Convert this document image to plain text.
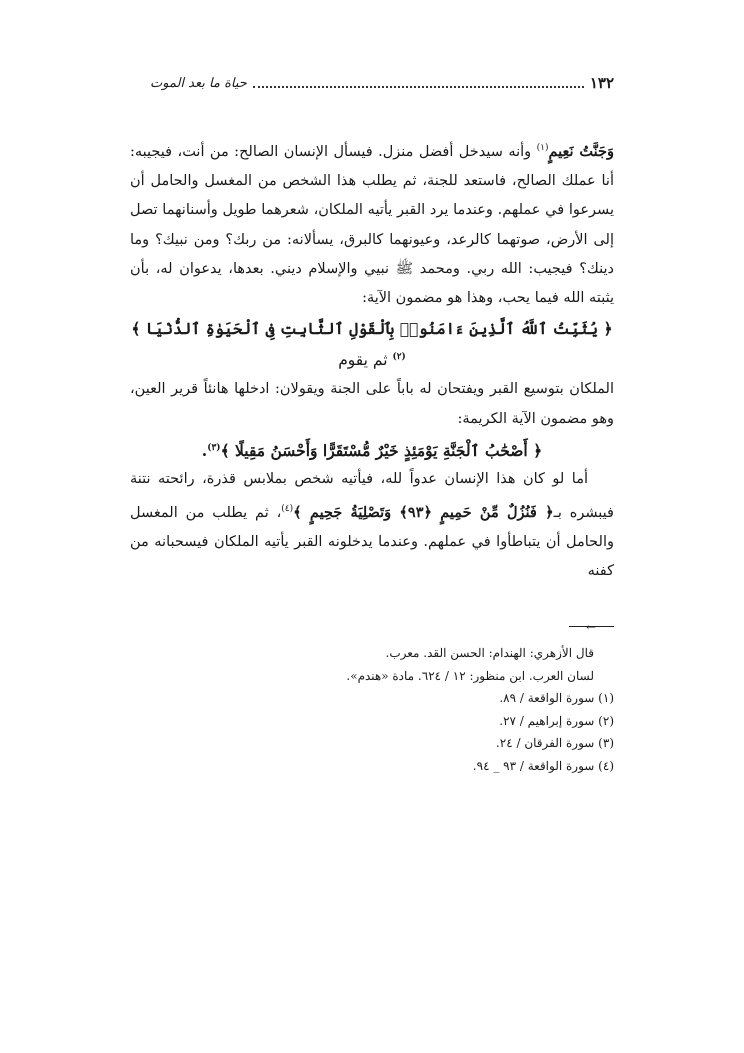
١٣٢
حياة ما بعد الموت

وَجَنَّتُ نَعِيمٍ$^{(١)}$ وأنه سيدخل أفضل منزل. فيسأل الإنسان الصالح: من أنت، فيجيبه: أنا عملك الصالح، فاستعد للجنة، ثم يطلب هذا الشخص من المغسل والحامل أن يسرعوا في عملهم. وعندما يرد القبر يأتيه الملكان، شعرهما طويل وأسنانهما تصل إلى الأرض، صوتهما كالرعد، وعيونهما كالبرق، يسألانه: من ربك؟ ومن نبيك؟ وما دينك؟ فيجيب: الله ربي. ومحمد ﷺ نبيي والإسلام ديني. بعدها، يدعوان له، بأن يثبته الله فيما يحب، وهذا هو مضمون الآية:

﴿ يُثَبِّتُ ٱللَّهُ ٱلَّذِينَ ءَامَنُوا۟ بِٱلْقَوْلِ ٱلثَّابِتِ فِى ٱلْحَيَوٰةِ ٱلدُّنْيَا ﴾$^{(٢)}$ ثم يقوم

الملكان بتوسيع القبر ويفتحان له باباً على الجنة ويقولان: ادخلها هانئاً قرير العين، وهو مضمون الآية الكريمة:

﴿ أَصْحَٰبُ ٱلْجَنَّةِ يَوْمَئِذٍ خَيْرٌ مُّسْتَقَرًّا وَأَحْسَنُ مَقِيلًا ﴾$^{(٣)}$.

أما لو كان هذا الإنسان عدواً لله، فيأتيه شخص بملابس قذرة، رائحته نتنة فيبشره بـ﴿ فَنُزُلٌ مِّنْ حَمِيمٍ ﴿٩٣﴾ وَتَصْلِيَةُ جَحِيمٍ ﴾$^{(٤)}$، ثم يطلب من المغسل والحامل أن يتباطأوا في عملهم. وعندما يدخلونه القبر يأتيه الملكان فيسحبانه من كفنه

←

قال الأزهري: الهندام: الحسن القد. معرب.

لسان العرب. ابن منظور: ١٢ / ٦٢٤. مادة «هندم».

(١) سورة الواقعة / ٨٩.

(٢) سورة إبراهيم / ٢٧.

(٣) سورة الفرقان / ٢٤.

(٤) سورة الواقعة / ٩٣ _ ٩٤.
